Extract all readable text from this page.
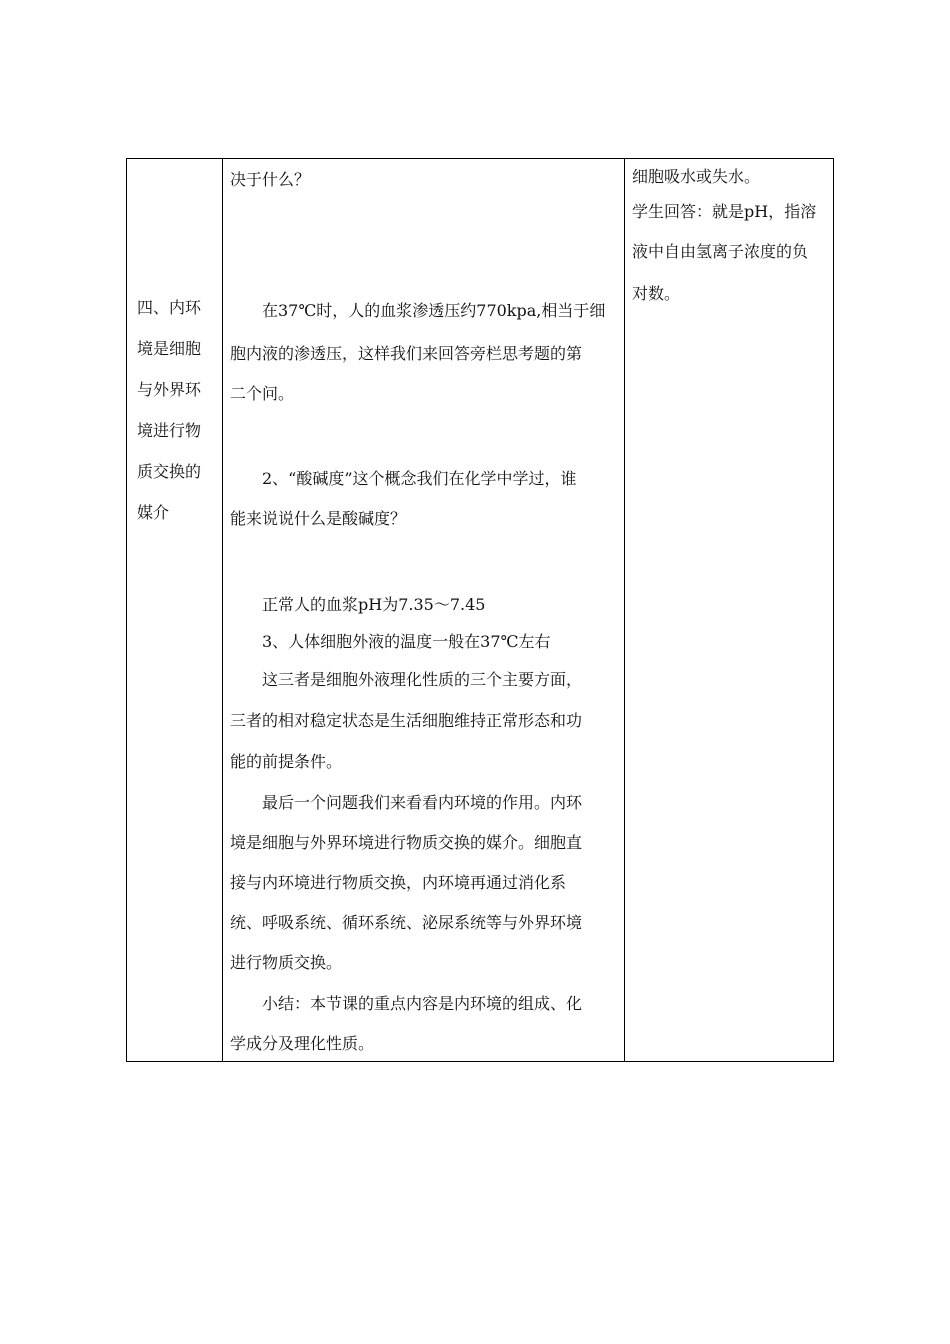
四、内环
境是细胞
与外界环
境进行物
质交换的
媒介

决于什么？

在37℃时，人的血浆渗透压约770kpa,相当于细

胞内液的渗透压，这样我们来回答旁栏思考题的第

二个问。

2、“酸碱度”这个概念我们在化学中学过，谁

能来说说什么是酸碱度？

正常人的血浆pH为7.35～7.45

3、人体细胞外液的温度一般在37℃左右

这三者是细胞外液理化性质的三个主要方面，

三者的相对稳定状态是生活细胞维持正常形态和功

能的前提条件。

最后一个问题我们来看看内环境的作用。内环

境是细胞与外界环境进行物质交换的媒介。细胞直

接与内环境进行物质交换，内环境再通过消化系

统、呼吸系统、循环系统、泌尿系统等与外界环境

进行物质交换。

小结：本节课的重点内容是内环境的组成、化

学成分及理化性质。

细胞吸水或失水。

学生回答：就是pH，指溶

液中自由氢离子浓度的负

对数。
